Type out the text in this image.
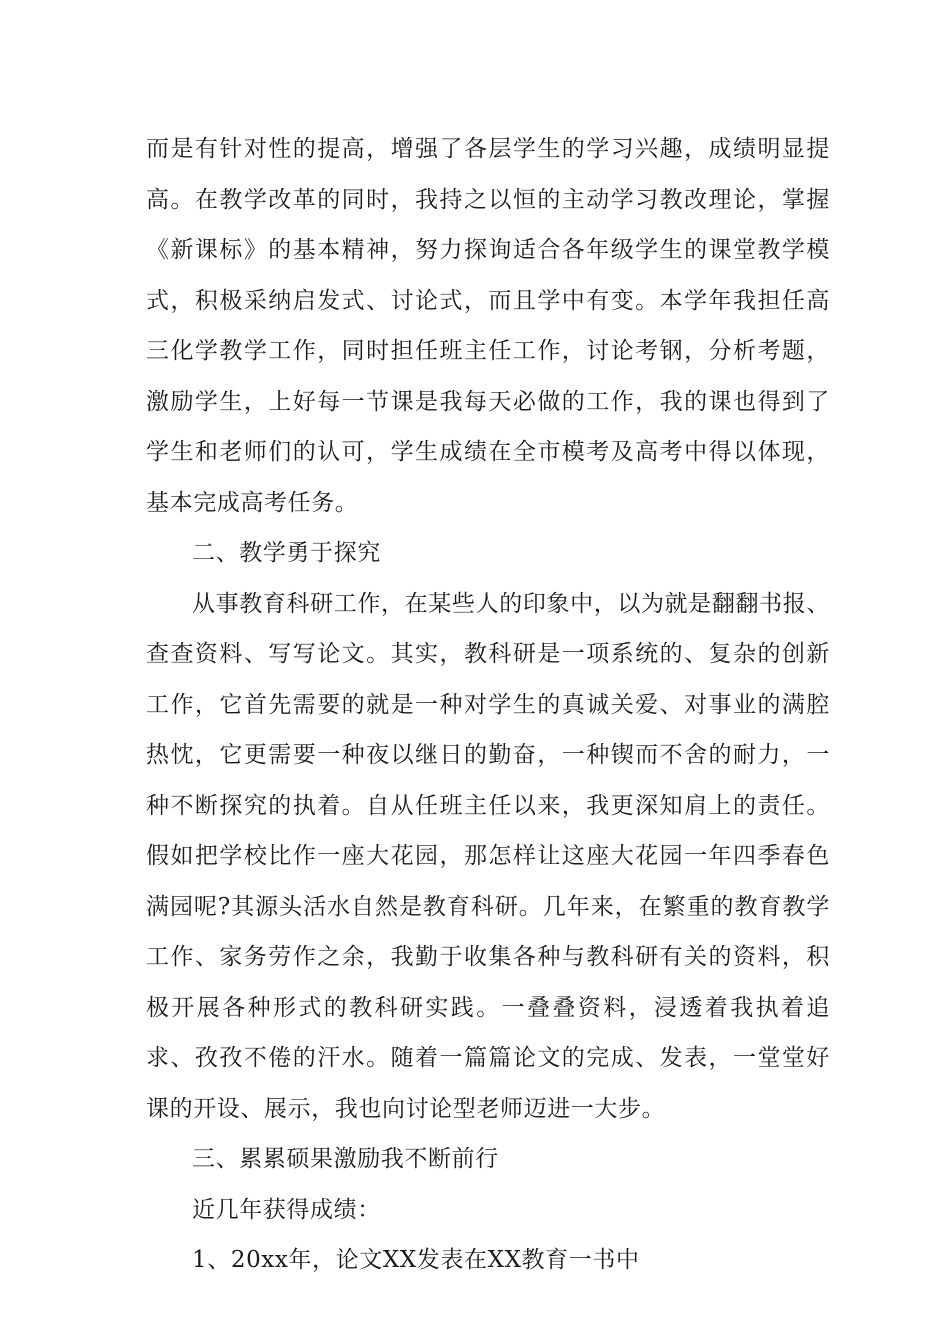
而是有针对性的提高，增强了各层学生的学习兴趣，成绩明显提高。在教学改革的同时，我持之以恒的主动学习教改理论，掌握《新课标》的基本精神，努力探询适合各年级学生的课堂教学模式，积极采纳启发式、讨论式，而且学中有变。本学年我担任高三化学教学工作，同时担任班主任工作，讨论考钢，分析考题，激励学生，上好每一节课是我每天必做的工作，我的课也得到了学生和老师们的认可，学生成绩在全市模考及高考中得以体现，基本完成高考任务。

二、教学勇于探究

从事教育科研工作，在某些人的印象中，以为就是翻翻书报、查查资料、写写论文。其实，教科研是一项系统的、复杂的创新工作，它首先需要的就是一种对学生的真诚关爱、对事业的满腔热忱，它更需要一种夜以继日的勤奋，一种锲而不舍的耐力，一种不断探究的执着。自从任班主任以来，我更深知肩上的责任。假如把学校比作一座大花园，那怎样让这座大花园一年四季春色满园呢?其源头活水自然是教育科研。几年来，在繁重的教育教学工作、家务劳作之余，我勤于收集各种与教科研有关的资料，积极开展各种形式的教科研实践。一叠叠资料，浸透着我执着追求、孜孜不倦的汗水。随着一篇篇论文的完成、发表，一堂堂好课的开设、展示，我也向讨论型老师迈进一大步。

三、累累硕果激励我不断前行

近几年获得成绩：

1、20xx年，论文XX发表在XX教育一书中
